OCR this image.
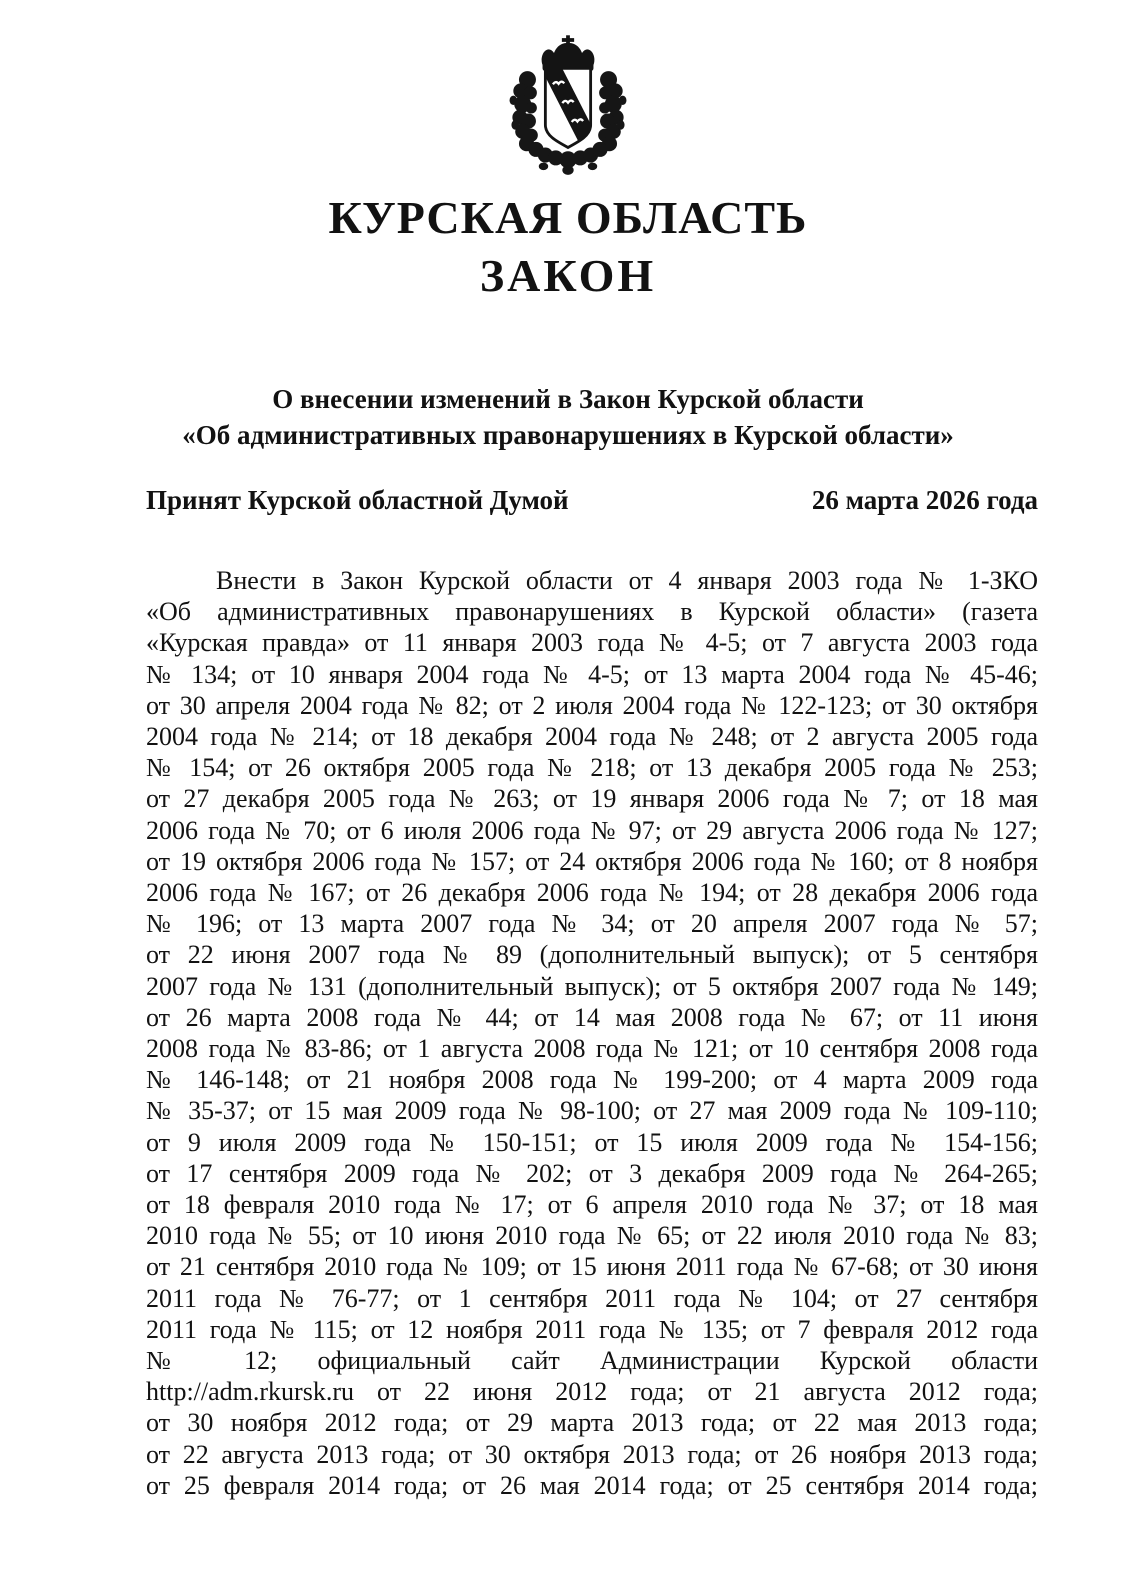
КУРСКАЯ ОБЛАСТЬ
ЗАКОН
О внесении изменений в Закон Курской области
«Об административных правонарушениях в Курской области»
Принят Курской областной Думой	26 марта 2026 года
Внести в Закон Курской области от 4 января 2003 года № 1-ЗКО
«Об административных правонарушениях в Курской области» (газета
«Курская правда» от 11 января 2003 года № 4-5; от 7 августа 2003 года
№ 134; от 10 января 2004 года № 4-5; от 13 марта 2004 года № 45-46;
от 30 апреля 2004 года № 82; от 2 июля 2004 года № 122-123; от 30 октября
2004 года № 214; от 18 декабря 2004 года № 248; от 2 августа 2005 года
№ 154; от 26 октября 2005 года № 218; от 13 декабря 2005 года № 253;
от 27 декабря 2005 года № 263; от 19 января 2006 года № 7; от 18 мая
2006 года № 70; от 6 июля 2006 года № 97; от 29 августа 2006 года № 127;
от 19 октября 2006 года № 157; от 24 октября 2006 года № 160; от 8 ноября
2006 года № 167; от 26 декабря 2006 года № 194; от 28 декабря 2006 года
№ 196; от 13 марта 2007 года № 34; от 20 апреля 2007 года № 57;
от 22 июня 2007 года № 89 (дополнительный выпуск); от 5 сентября
2007 года № 131 (дополнительный выпуск); от 5 октября 2007 года № 149;
от 26 марта 2008 года № 44; от 14 мая 2008 года № 67; от 11 июня
2008 года № 83-86; от 1 августа 2008 года № 121; от 10 сентября 2008 года
№ 146-148; от 21 ноября 2008 года № 199-200; от 4 марта 2009 года
№ 35-37; от 15 мая 2009 года № 98-100; от 27 мая 2009 года № 109-110;
от 9 июля 2009 года № 150-151; от 15 июля 2009 года № 154-156;
от 17 сентября 2009 года № 202; от 3 декабря 2009 года № 264-265;
от 18 февраля 2010 года № 17; от 6 апреля 2010 года № 37; от 18 мая
2010 года № 55; от 10 июня 2010 года № 65; от 22 июля 2010 года № 83;
от 21 сентября 2010 года № 109; от 15 июня 2011 года № 67-68; от 30 июня
2011 года № 76-77; от 1 сентября 2011 года № 104; от 27 сентября
2011 года № 115; от 12 ноября 2011 года № 135; от 7 февраля 2012 года
№ 12; официальный сайт Администрации Курской области
http://adm.rkursk.ru от 22 июня 2012 года; от 21 августа 2012 года;
от 30 ноября 2012 года; от 29 марта 2013 года; от 22 мая 2013 года;
от 22 августа 2013 года; от 30 октября 2013 года; от 26 ноября 2013 года;
от 25 февраля 2014 года; от 26 мая 2014 года; от 25 сентября 2014 года;
